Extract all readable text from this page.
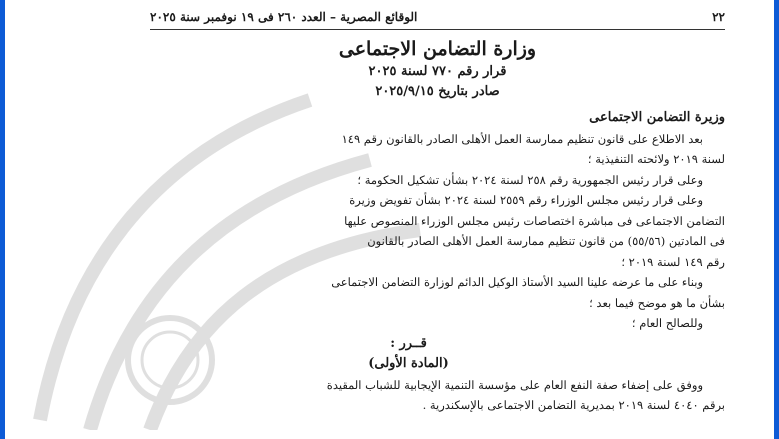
٢٢
الوقائع المصرية – العدد ٢٦٠ فى ١٩ نوفمبر سنة ٢٠٢٥
وزارة التضامن الاجتماعى
قرار رقم ٧٧٠ لسنة ٢٠٢٥
صادر بتاريخ ٢٠٢٥/٩/١٥

وزيرة التضامن الاجتماعى

بعد الاطلاع على قانون تنظيم ممارسة العمل الأهلى الصادر بالقانون رقم ١٤٩

لسنة ٢٠١٩ ولائحته التنفيذية ؛

وعلى قرار رئيس الجمهورية رقم ٢٥٨ لسنة ٢٠٢٤ بشأن تشكيل الحكومة ؛

وعلى قرار رئيس مجلس الوزراء رقم ٢٥٥٩ لسنة ٢٠٢٤ بشأن تفويض وزيرة

التضامن الاجتماعى فى مباشرة اختصاصات رئيس مجلس الوزراء المنصوص عليها

فى المادتين (٥٥/٥٦) من قانون تنظيم ممارسة العمل الأهلى الصادر بالقانون

رقم ١٤٩ لسنة ٢٠١٩ ؛

وبناء على ما عرضه علينا السيد الأستاذ الوكيل الدائم لوزارة التضامن الاجتماعى

بشأن ما هو موضح فيما بعد ؛

وللصالح العام ؛

قــرر :

(المادة الأولى)

ووفق على إضفاء صفة النفع العام على مؤسسة التنمية الإيجابية للشباب المقيدة

برقم ٤٠٤٠ لسنة ٢٠١٩ بمديرية التضامن الاجتماعى بالإسكندرية .
